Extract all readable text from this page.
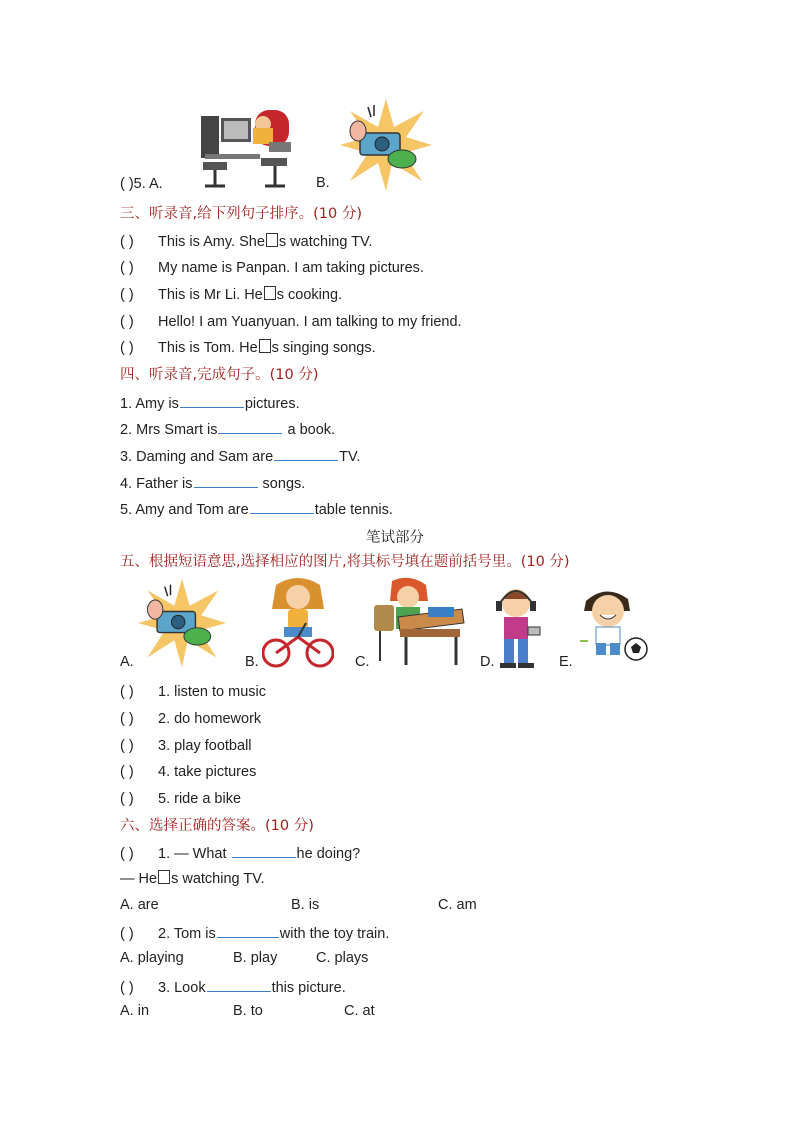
( )5. A.	B.
三、听录音,给下列句子排序。(10 分)
( ) This is Amy. She s watching TV.
( ) My name is Panpan. I am taking pictures.
( ) This is Mr Li. He s cooking.
( ) Hello! I am Yuanyuan. I am talking to my friend.
( ) This is Tom. He s singing songs.
四、听录音,完成句子。(10 分)
1. Amy is	pictures.
2. Mrs Smart is	a book.
3. Daming and Sam are	TV.
4. Father is	songs.
5. Amy and Tom are	table tennis.
笔试部分
五、根据短语意思,选择相应的图片,将其标号填在题前括号里。(10 分)
A.	B.	C.	D.	E.
( ) 1. listen to music
( ) 2. do homework
( ) 3. play football
( ) 4. take pictures
( ) 5. ride a bike
六、选择正确的答案。(10 分)
( ) 1. — What	he doing?
— He s watching TV.
A. are	B. is	C. am
( ) 2. Tom is	with the toy train.
A. playing	B. play	C. plays
( ) 3. Look	this picture.
A. in	B. to	C. at
